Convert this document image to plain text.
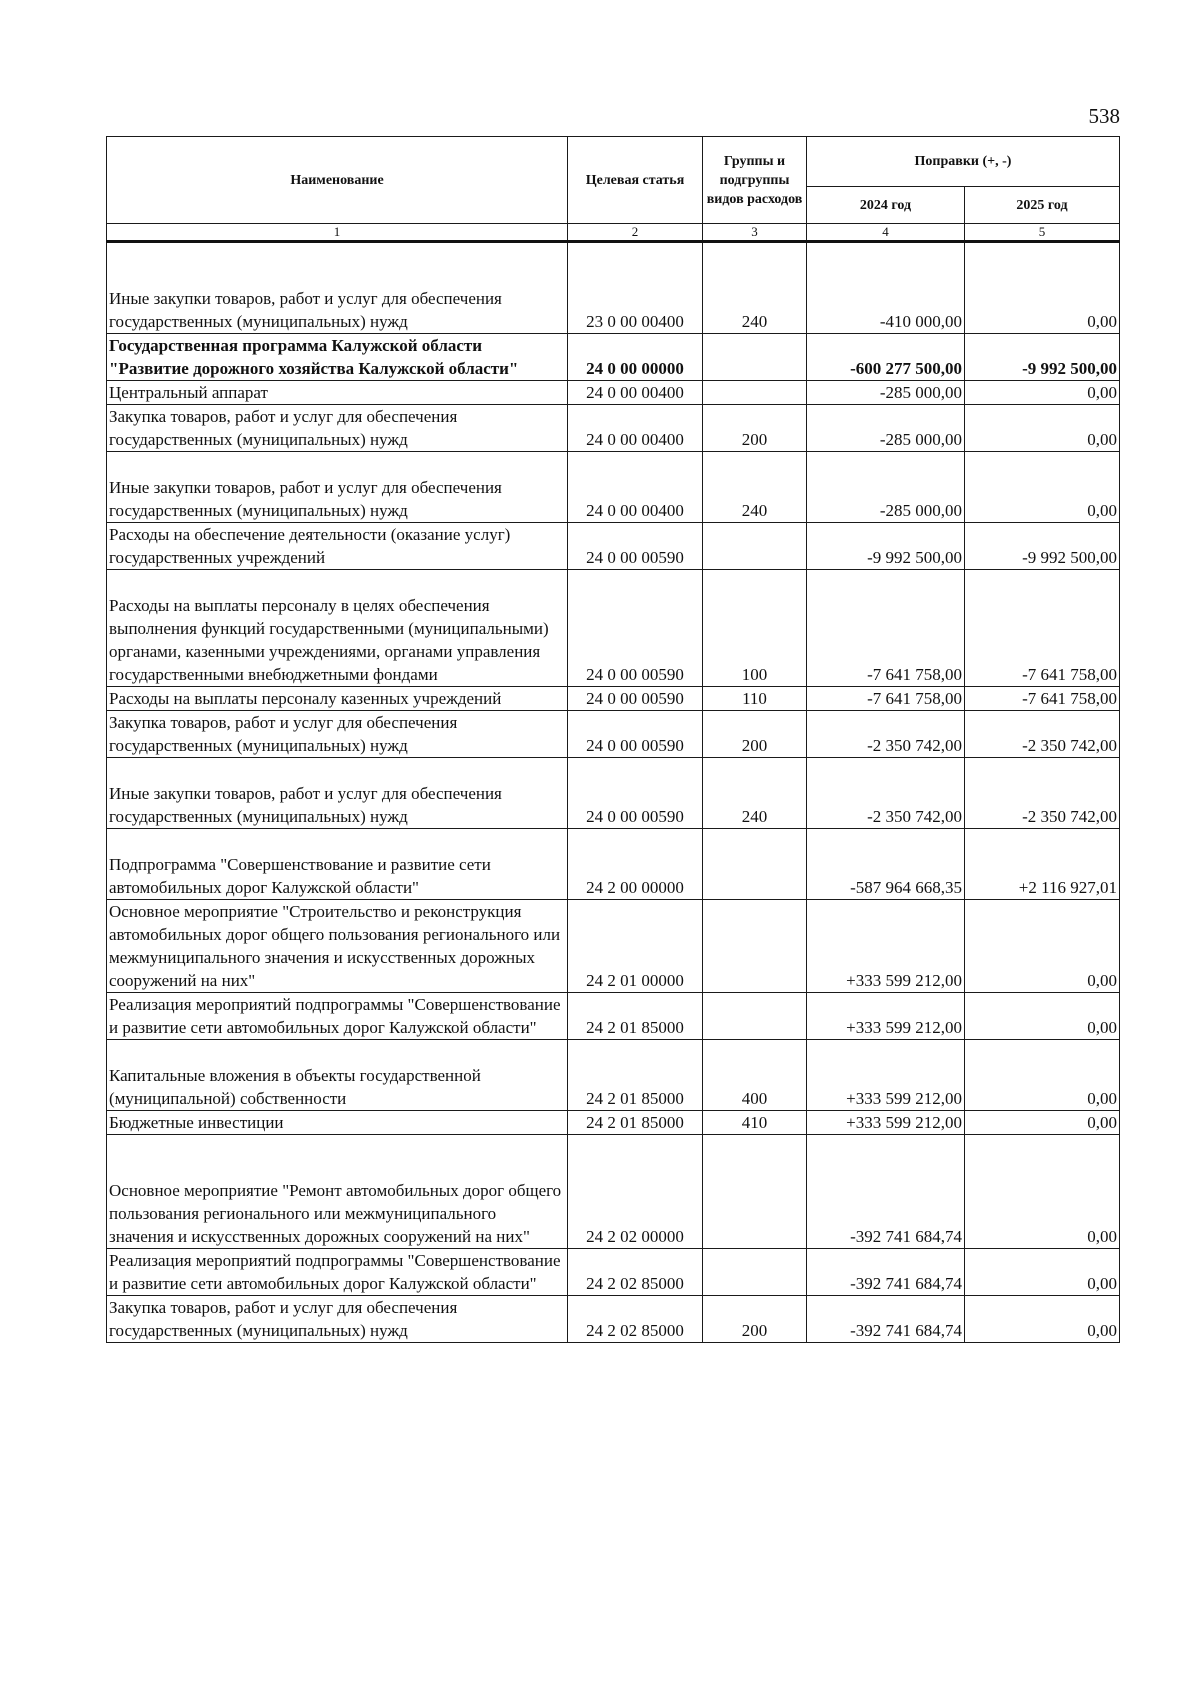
538
Наименование	Целевая статья	Группы и подгруппы видов расходов	Поправки (+, -)	
			2024 год	2025 год
1	2	3	4	5
Иные закупки товаров, работ и услуг для обеспечения государственных (муниципальных) нужд	23 0 00 00400	240	-410 000,00	0,00
Государственная программа Калужской области "Развитие дорожного хозяйства Калужской области"	24 0 00 00000		-600 277 500,00	-9 992 500,00
Центральный аппарат	24 0 00 00400		-285 000,00	0,00
Закупка товаров, работ и услуг для обеспечения государственных (муниципальных) нужд	24 0 00 00400	200	-285 000,00	0,00
Иные закупки товаров, работ и услуг для обеспечения государственных (муниципальных) нужд	24 0 00 00400	240	-285 000,00	0,00
Расходы на обеспечение деятельности (оказание услуг) государственных учреждений	24 0 00 00590		-9 992 500,00	-9 992 500,00
Расходы на выплаты персоналу в целях обеспечения выполнения функций государственными (муниципальными) органами, казенными учреждениями, органами управления государственными внебюджетными фондами	24 0 00 00590	100	-7 641 758,00	-7 641 758,00
Расходы на выплаты персоналу казенных учреждений	24 0 00 00590	110	-7 641 758,00	-7 641 758,00
Закупка товаров, работ и услуг для обеспечения государственных (муниципальных) нужд	24 0 00 00590	200	-2 350 742,00	-2 350 742,00
Иные закупки товаров, работ и услуг для обеспечения государственных (муниципальных) нужд	24 0 00 00590	240	-2 350 742,00	-2 350 742,00
Подпрограмма "Совершенствование и развитие сети автомобильных дорог Калужской области"	24 2 00 00000		-587 964 668,35	+2 116 927,01
Основное мероприятие "Строительство и реконструкция автомобильных дорог общего пользования регионального или межмуниципального значения и искусственных дорожных сооружений на них"	24 2 01 00000		+333 599 212,00	0,00
Реализация мероприятий подпрограммы "Совершенствование и развитие сети автомобильных дорог Калужской области"	24 2 01 85000		+333 599 212,00	0,00
Капитальные вложения в объекты государственной (муниципальной) собственности	24 2 01 85000	400	+333 599 212,00	0,00
Бюджетные инвестиции	24 2 01 85000	410	+333 599 212,00	0,00
Основное мероприятие "Ремонт автомобильных дорог общего пользования регионального или межмуниципального значения и искусственных дорожных сооружений на них"	24 2 02 00000		-392 741 684,74	0,00
Реализация мероприятий подпрограммы "Совершенствование и развитие сети автомобильных дорог Калужской области"	24 2 02 85000		-392 741 684,74	0,00
Закупка товаров, работ и услуг для обеспечения государственных (муниципальных) нужд	24 2 02 85000	200	-392 741 684,74	0,00
